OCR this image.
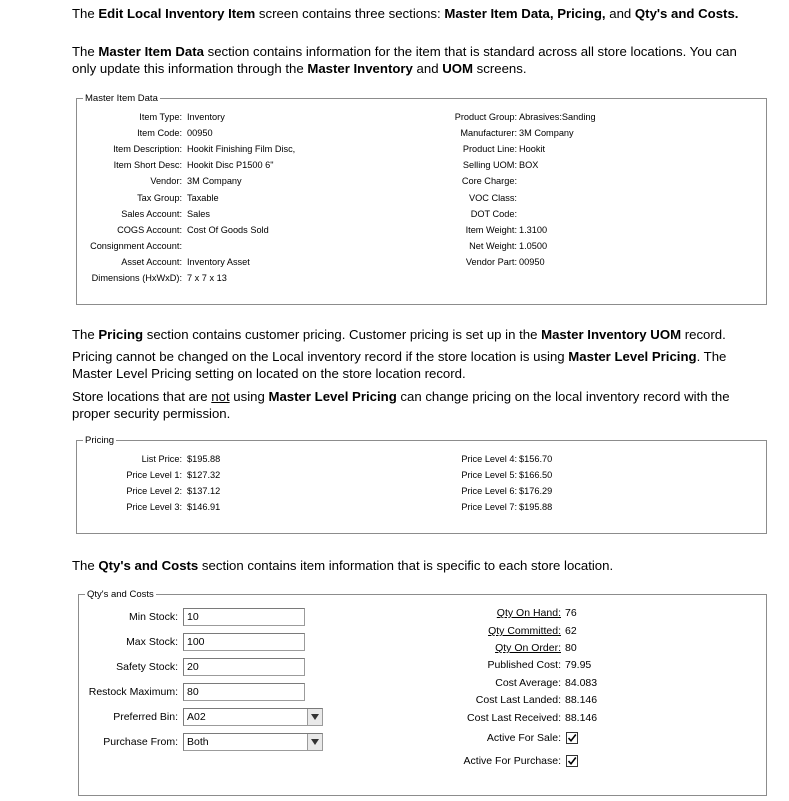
The Edit Local Inventory Item screen contains three sections: Master Item Data, Pricing, and Qty's and Costs.

The Master Item Data section contains information for the item that is standard across all store locations. You can only update this information through the Master Inventory and UOM screens.

Master Item Data
Item Type: Inventory
Item Code: 00950
Item Description: Hookit Finishing Film Disc,
Item Short Desc: Hookit Disc P1500 6"
Vendor: 3M Company
Tax Group: Taxable
Sales Account: Sales
COGS Account: Cost Of Goods Sold
Consignment Account:
Asset Account: Inventory Asset
Dimensions (HxWxD): 7 x 7 x 13
Product Group: Abrasives:Sanding
Manufacturer: 3M Company
Product Line: Hookit
Selling UOM: BOX
Core Charge:
VOC Class:
DOT Code:
Item Weight: 1.3100
Net Weight: 1.0500
Vendor Part: 00950

The Pricing section contains customer pricing. Customer pricing is set up in the Master Inventory UOM record.

Pricing cannot be changed on the Local inventory record if the store location is using Master Level Pricing. The Master Level Pricing setting on located on the store location record.

Store locations that are not using Master Level Pricing can change pricing on the local inventory record with the proper security permission.

Pricing
List Price: $195.88
Price Level 1: $127.32
Price Level 2: $137.12
Price Level 3: $146.91
Price Level 4: $156.70
Price Level 5: $166.50
Price Level 6: $176.29
Price Level 7: $195.88

The Qty's and Costs section contains item information that is specific to each store location.

Qty's and Costs
Min Stock: 10
Max Stock: 100
Safety Stock: 20
Restock Maximum: 80
Preferred Bin: A02
Purchase From: Both
Qty On Hand: 76
Qty Committed: 62
Qty On Order: 80
Published Cost: 79.95
Cost Average: 84.083
Cost Last Landed: 88.146
Cost Last Received: 88.146
Active For Sale:
Active For Purchase:
